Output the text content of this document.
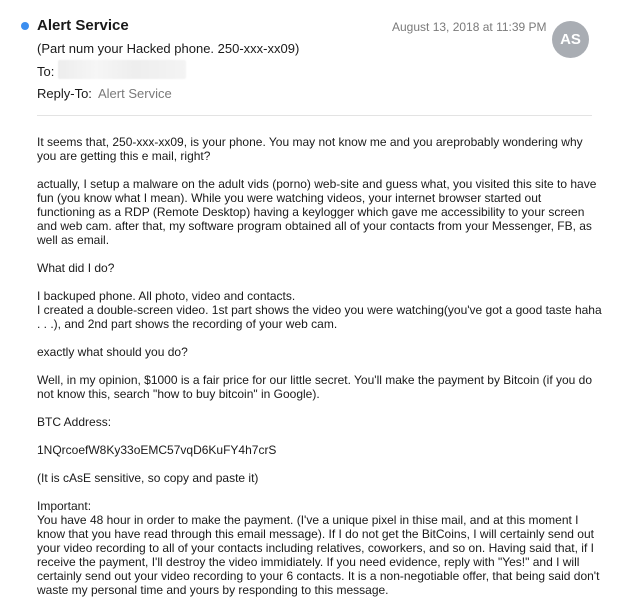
Alert Service	August 13, 2018 at 11:39 PM
AS
(Part num your Hacked phone. 250-xxx-xx09)
To:
Reply-To: Alert Service

It seems that, 250-xxx-xx09, is your phone. You may not know me and you areprobably wondering why you are getting this e mail, right?

actually, I setup a malware on the adult vids (porno) web-site and guess what, you visited this site to have fun (you know what I mean). While you were watching videos, your internet browser started out functioning as a RDP (Remote Desktop) having a keylogger which gave me accessibility to your screen and web cam. after that, my software program obtained all of your contacts from your Messenger, FB, as well as email.

What did I do?

I backuped phone. All photo, video and contacts.
I created a double-screen video. 1st part shows the video you were watching(you've got a good taste haha . . .), and 2nd part shows the recording of your web cam.

exactly what should you do?

Well, in my opinion, $1000 is a fair price for our little secret. You'll make the payment by Bitcoin (if you do not know this, search "how to buy bitcoin" in Google).

BTC Address:

1NQrcoefW8Ky33oEMC57vqD6KuFY4h7crS

(It is cAsE sensitive, so copy and paste it)

Important:
You have 48 hour in order to make the payment. (I've a unique pixel in thise mail, and at this moment I know that you have read through this email message). If I do not get the BitCoins, I will certainly send out your video recording to all of your contacts including relatives, coworkers, and so on. Having said that, if I receive the payment, I'll destroy the video immidiately. If you need evidence, reply with "Yes!" and I will certainly send out your video recording to your 6 contacts. It is a non-negotiable offer, that being said don't waste my personal time and yours by responding to this message.
